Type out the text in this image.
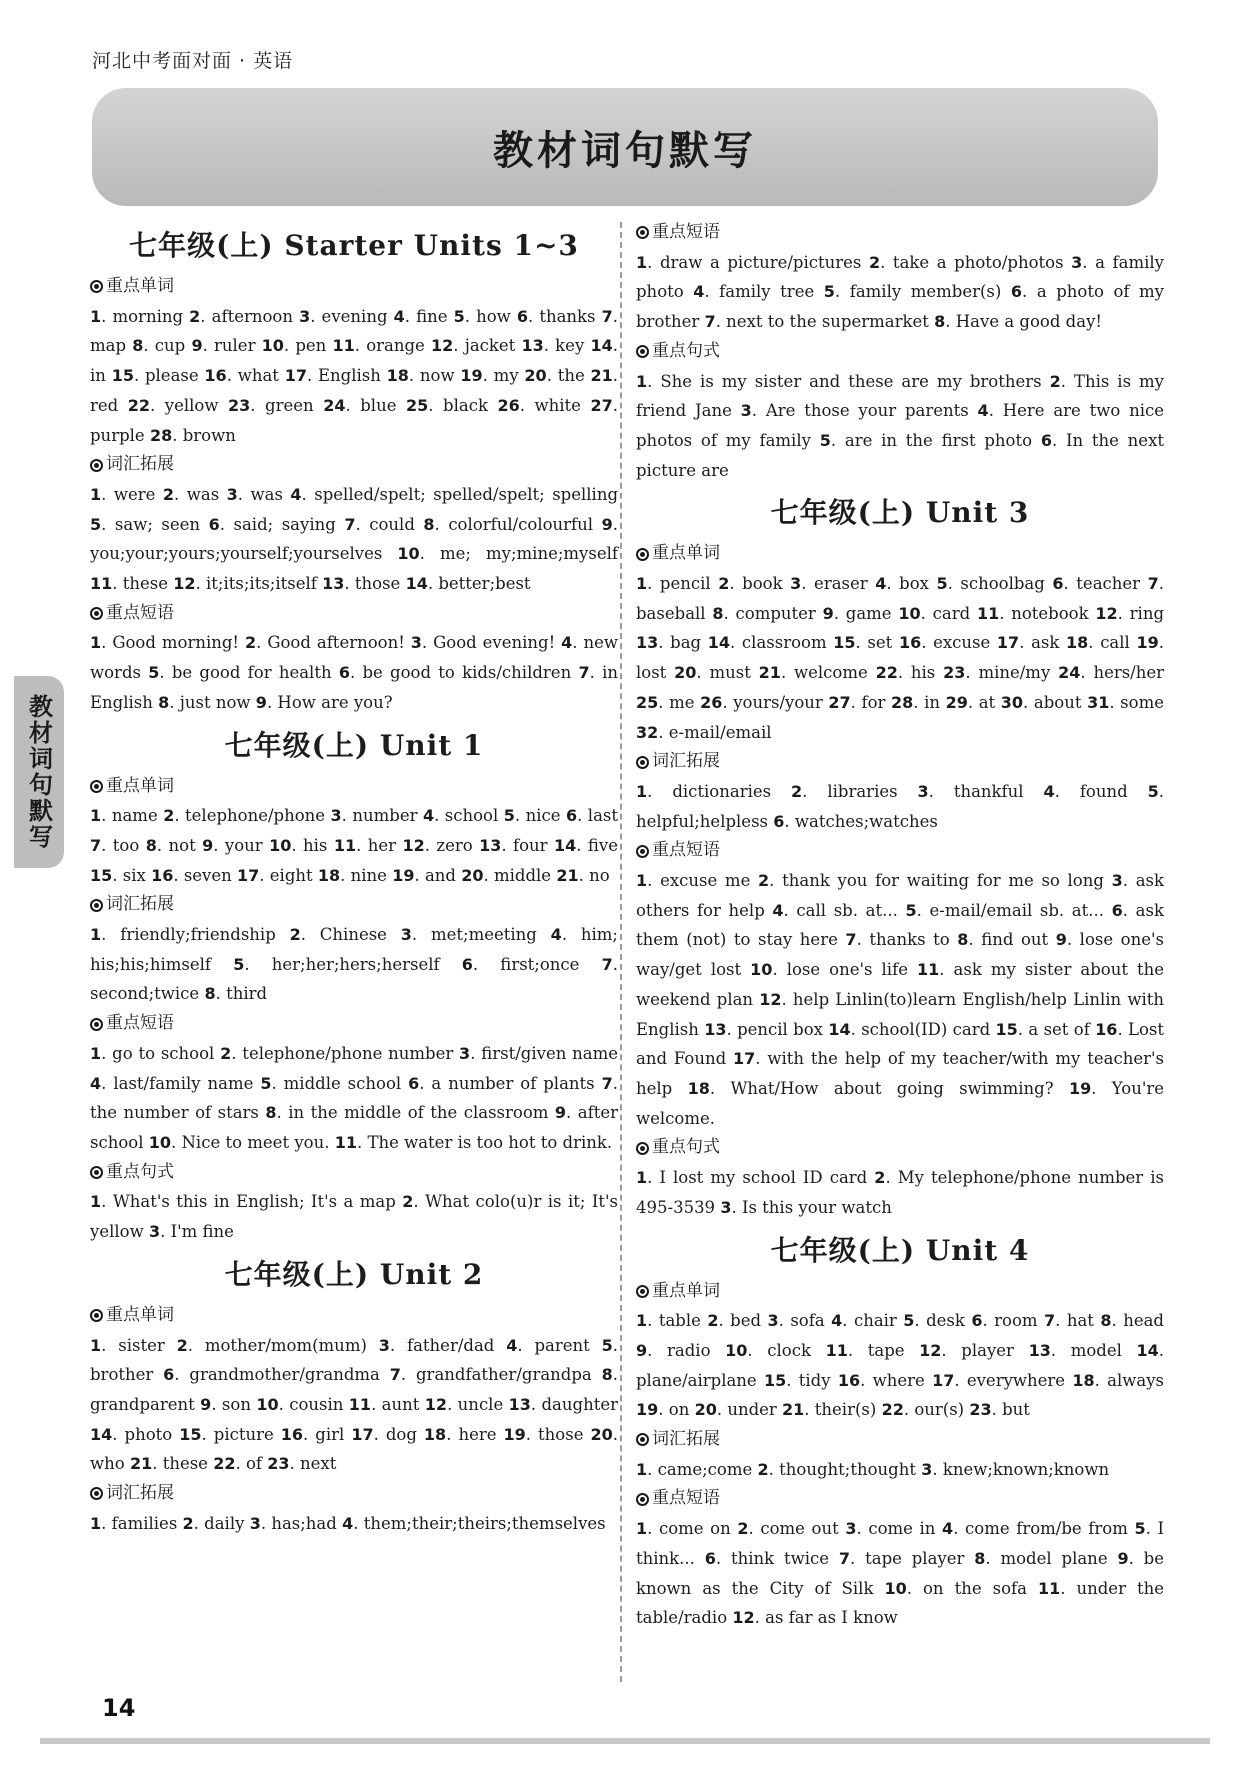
河北中考面对面 · 英语
教材词句默写
七年级(上) Starter Units 1~3
重点单词
1. morning 2. afternoon 3. evening 4. fine 5. how 6. thanks 7. map 8. cup 9. ruler 10. pen 11. orange 12. jacket 13. key 14. in 15. please 16. what 17. English 18. now 19. my 20. the 21. red 22. yellow 23. green 24. blue 25. black 26. white 27. purple 28. brown
词汇拓展
1. were 2. was 3. was 4. spelled/spelt; spelled/spelt; spelling 5. saw; seen 6. said; saying 7. could 8. colorful/colourful 9. you;your;yours;yourself;yourselves 10. me; my;mine;myself 11. these 12. it;its;its;itself 13. those 14. better;best
重点短语
1. Good morning! 2. Good afternoon! 3. Good evening! 4. new words 5. be good for health 6. be good to kids/children 7. in English 8. just now 9. How are you?
七年级(上) Unit 1
重点单词
1. name 2. telephone/phone 3. number 4. school 5. nice 6. last 7. too 8. not 9. your 10. his 11. her 12. zero 13. four 14. five 15. six 16. seven 17. eight 18. nine 19. and 20. middle 21. no
词汇拓展
1. friendly;friendship 2. Chinese 3. met;meeting 4. him; his;his;himself 5. her;her;hers;herself 6. first;once 7. second;twice 8. third
重点短语
1. go to school 2. telephone/phone number 3. first/given name 4. last/family name 5. middle school 6. a number of plants 7. the number of stars 8. in the middle of the classroom 9. after school 10. Nice to meet you. 11. The water is too hot to drink.
重点句式
1. What's this in English; It's a map 2. What colo(u)r is it; It's yellow 3. I'm fine
七年级(上) Unit 2
重点单词
1. sister 2. mother/mom(mum) 3. father/dad 4. parent 5. brother 6. grandmother/grandma 7. grandfather/grandpa 8. grandparent 9. son 10. cousin 11. aunt 12. uncle 13. daughter 14. photo 15. picture 16. girl 17. dog 18. here 19. those 20. who 21. these 22. of 23. next
词汇拓展
1. families 2. daily 3. has;had 4. them;their;theirs;themselves
重点短语
1. draw a picture/pictures 2. take a photo/photos 3. a family photo 4. family tree 5. family member(s) 6. a photo of my brother 7. next to the supermarket 8. Have a good day!
重点句式
1. She is my sister and these are my brothers 2. This is my friend Jane 3. Are those your parents 4. Here are two nice photos of my family 5. are in the first photo 6. In the next picture are
七年级(上) Unit 3
重点单词
1. pencil 2. book 3. eraser 4. box 5. schoolbag 6. teacher 7. baseball 8. computer 9. game 10. card 11. notebook 12. ring 13. bag 14. classroom 15. set 16. excuse 17. ask 18. call 19. lost 20. must 21. welcome 22. his 23. mine/my 24. hers/her 25. me 26. yours/your 27. for 28. in 29. at 30. about 31. some 32. e-mail/email
词汇拓展
1. dictionaries 2. libraries 3. thankful 4. found 5. helpful;helpless 6. watches;watches
重点短语
1. excuse me 2. thank you for waiting for me so long 3. ask others for help 4. call sb. at... 5. e-mail/email sb. at... 6. ask them (not) to stay here 7. thanks to 8. find out 9. lose one's way/get lost 10. lose one's life 11. ask my sister about the weekend plan 12. help Linlin(to)learn English/help Linlin with English 13. pencil box 14. school(ID) card 15. a set of 16. Lost and Found 17. with the help of my teacher/with my teacher's help 18. What/How about going swimming? 19. You're welcome.
重点句式
1. I lost my school ID card 2. My telephone/phone number is 495-3539 3. Is this your watch
七年级(上) Unit 4
重点单词
1. table 2. bed 3. sofa 4. chair 5. desk 6. room 7. hat 8. head 9. radio 10. clock 11. tape 12. player 13. model 14. plane/airplane 15. tidy 16. where 17. everywhere 18. always 19. on 20. under 21. their(s) 22. our(s) 23. but
词汇拓展
1. came;come 2. thought;thought 3. knew;known;known
重点短语
1. come on 2. come out 3. come in 4. come from/be from 5. I think... 6. think twice 7. tape player 8. model plane 9. be known as the City of Silk 10. on the sofa 11. under the table/radio 12. as far as I know
教材词句默写
14
